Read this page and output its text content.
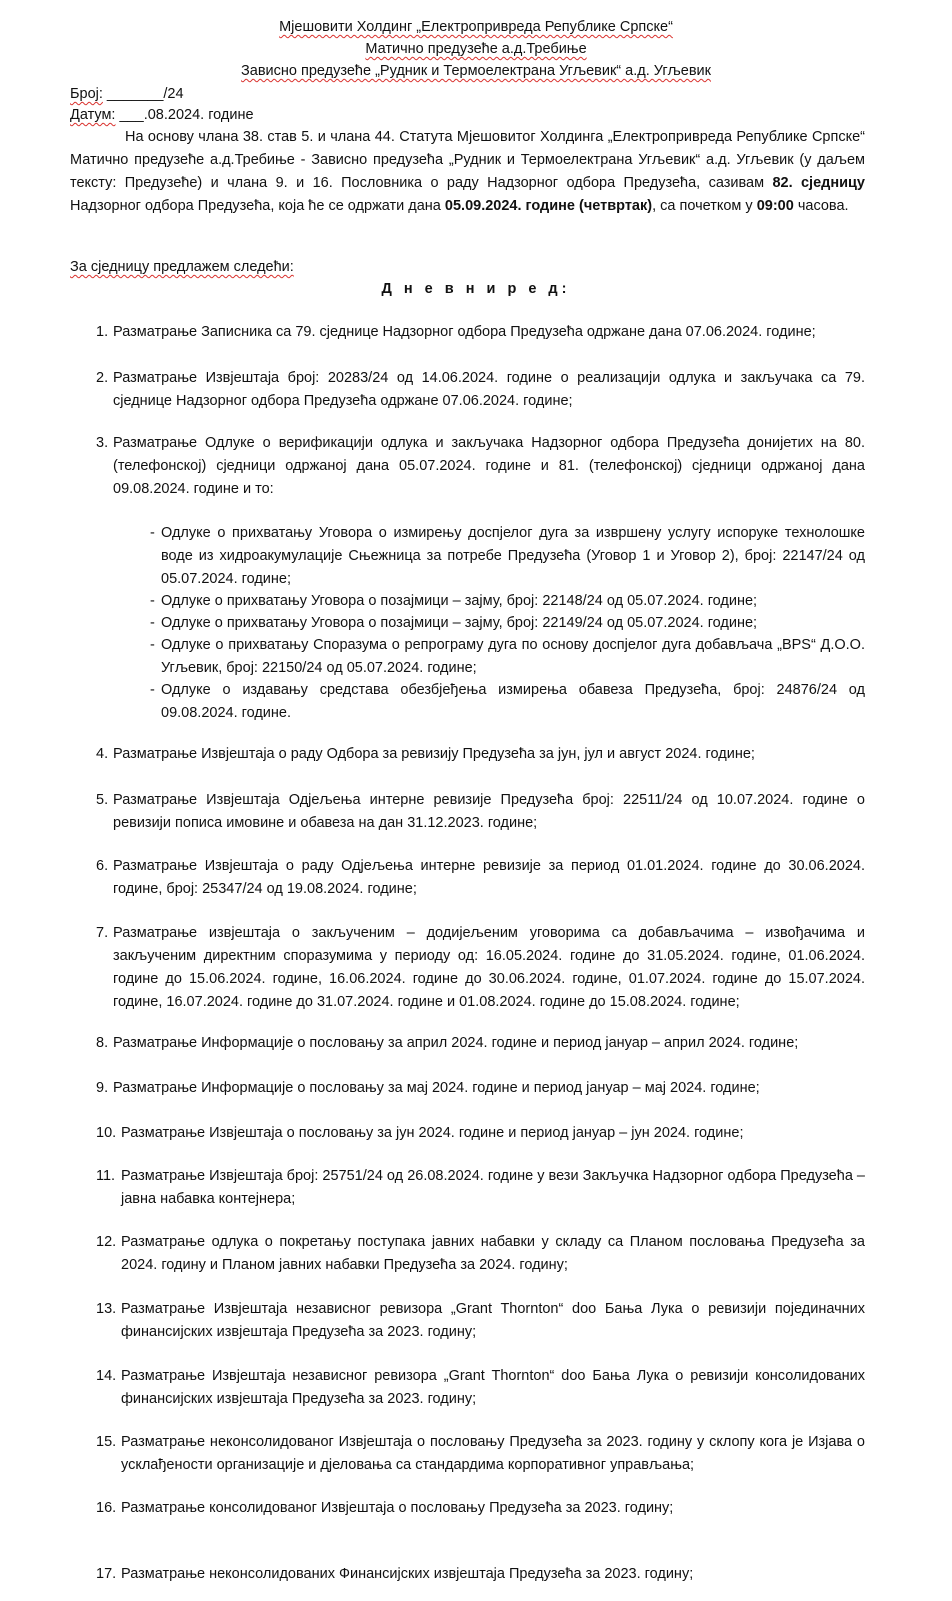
Мјешовити Холдинг „Електропривреда Републике Српске“
Матично предузеће а.д.Требиње
Зависно предузеће „Рудник и Термоелектрана Угљевик“ а.д. Угљевик
Број: _______/24
Датум: ___.08.2024. године
На основу члана 38. став 5. и члана 44. Статута Мјешовитог Холдинга „Електропривреда Републике Српске“ Матично предузеће а.д.Требиње - Зависно предузећа „Рудник и Термоелектрана Угљевик“ а.д. Угљевик (у даљем тексту: Предузеће) и члана 9. и 16. Пословника о раду Надзорног одбора Предузећа, сазивам 82. сједницу Надзорног одбора Предузећа, која ће се одржати дана 05.09.2024. године (четвртак), са почетком у 09:00 часова.
За сједницу предлажем следећи:
Д н е в н и р е д:
1. Разматрање Записника са 79. сједнице Надзорног одбора Предузећа одржане дана 07.06.2024. године;
2. Разматрање Извјештаја број: 20283/24 од 14.06.2024. године о реализацији одлука и закључака са 79. сједнице Надзорног одбора Предузећа одржане 07.06.2024. године;
3. Разматрање Одлуке о верификацији одлука и закључака Надзорног одбора Предузећа донијетих на 80. (телефонској) сједници одржаној дана 05.07.2024. године и 81. (телефонској) сједници одржаној дана 09.08.2024. године и то:
- Одлуке о прихватању Уговора о измирењу доспјелог дуга за извршену услугу испоруке технолошке воде из хидроакумулације Сњежница за потребе Предузећа (Уговор 1 и Уговор 2), број: 22147/24 од 05.07.2024. године;
- Одлуке о прихватању Уговора о позајмици – зајму, број: 22148/24 од 05.07.2024. године;
- Одлуке о прихватању Уговора о позајмици – зајму, број: 22149/24 од 05.07.2024. године;
- Одлуке о прихватању Споразума о репрограму дуга по основу доспјелог дуга добављача „BPS“ Д.О.О. Угљевик, број: 22150/24 од 05.07.2024. године;
- Одлуке о издавању средстава обезбјеђења измирења обавеза Предузећа, број: 24876/24 од 09.08.2024. године.
4. Разматрање Извјештаја о раду Одбора за ревизију Предузећа за јун, јул и август 2024. године;
5. Разматрање Извјештаја Одјељења интерне ревизије Предузећа број: 22511/24 од 10.07.2024. године о ревизији пописа имовине и обавеза на дан 31.12.2023. године;
6. Разматрање Извјештаја о раду Одјељења интерне ревизије за период 01.01.2024. године до 30.06.2024. године, број: 25347/24 од 19.08.2024. године;
7. Разматрање извјештаја о закљученим – додијељеним уговорима са добављачима – извођачима и закљученим директним споразумима у периоду од: 16.05.2024. године до 31.05.2024. године, 01.06.2024. године до 15.06.2024. године, 16.06.2024. године до 30.06.2024. године, 01.07.2024. године до 15.07.2024. године, 16.07.2024. године до 31.07.2024. године и 01.08.2024. године до 15.08.2024. године;
8. Разматрање Информације о пословању за април 2024. године и период јануар – април 2024. године;
9. Разматрање Информације о пословању за мај 2024. године и период јануар – мај 2024. године;
10. Разматрање Извјештаја о пословању за јун 2024. године и период јануар – јун 2024. године;
11. Разматрање Извјештаја број: 25751/24 од 26.08.2024. године у вези Закључка Надзорног одбора Предузећа – јавна набавка контејнера;
12. Разматрање одлука о покретању поступака јавних набавки у складу са Планом пословања Предузећа за 2024. годину и Планом јавних набавки Предузећа за 2024. годину;
13. Разматрање Извјештаја независног ревизора „Grant Thornton“ doo Бања Лука о ревизији појединачних финансијских извјештаја Предузећа за 2023. годину;
14. Разматрање Извјештаја независног ревизора „Grant Thornton“ doo Бања Лука о ревизији консолидованих финансијских извјештаја Предузећа за 2023. годину;
15. Разматрање неконсолидованог Извјештаја о пословању Предузећа за 2023. годину у склопу кога је Изјава о усклађености организације и дјеловања са стандардима корпоративног управљања;
16. Разматрање консолидованог Извјештаја о пословању Предузећа за 2023. годину;
17. Разматрање неконсолидованих Финансијских извјештаја Предузећа за 2023. годину;
